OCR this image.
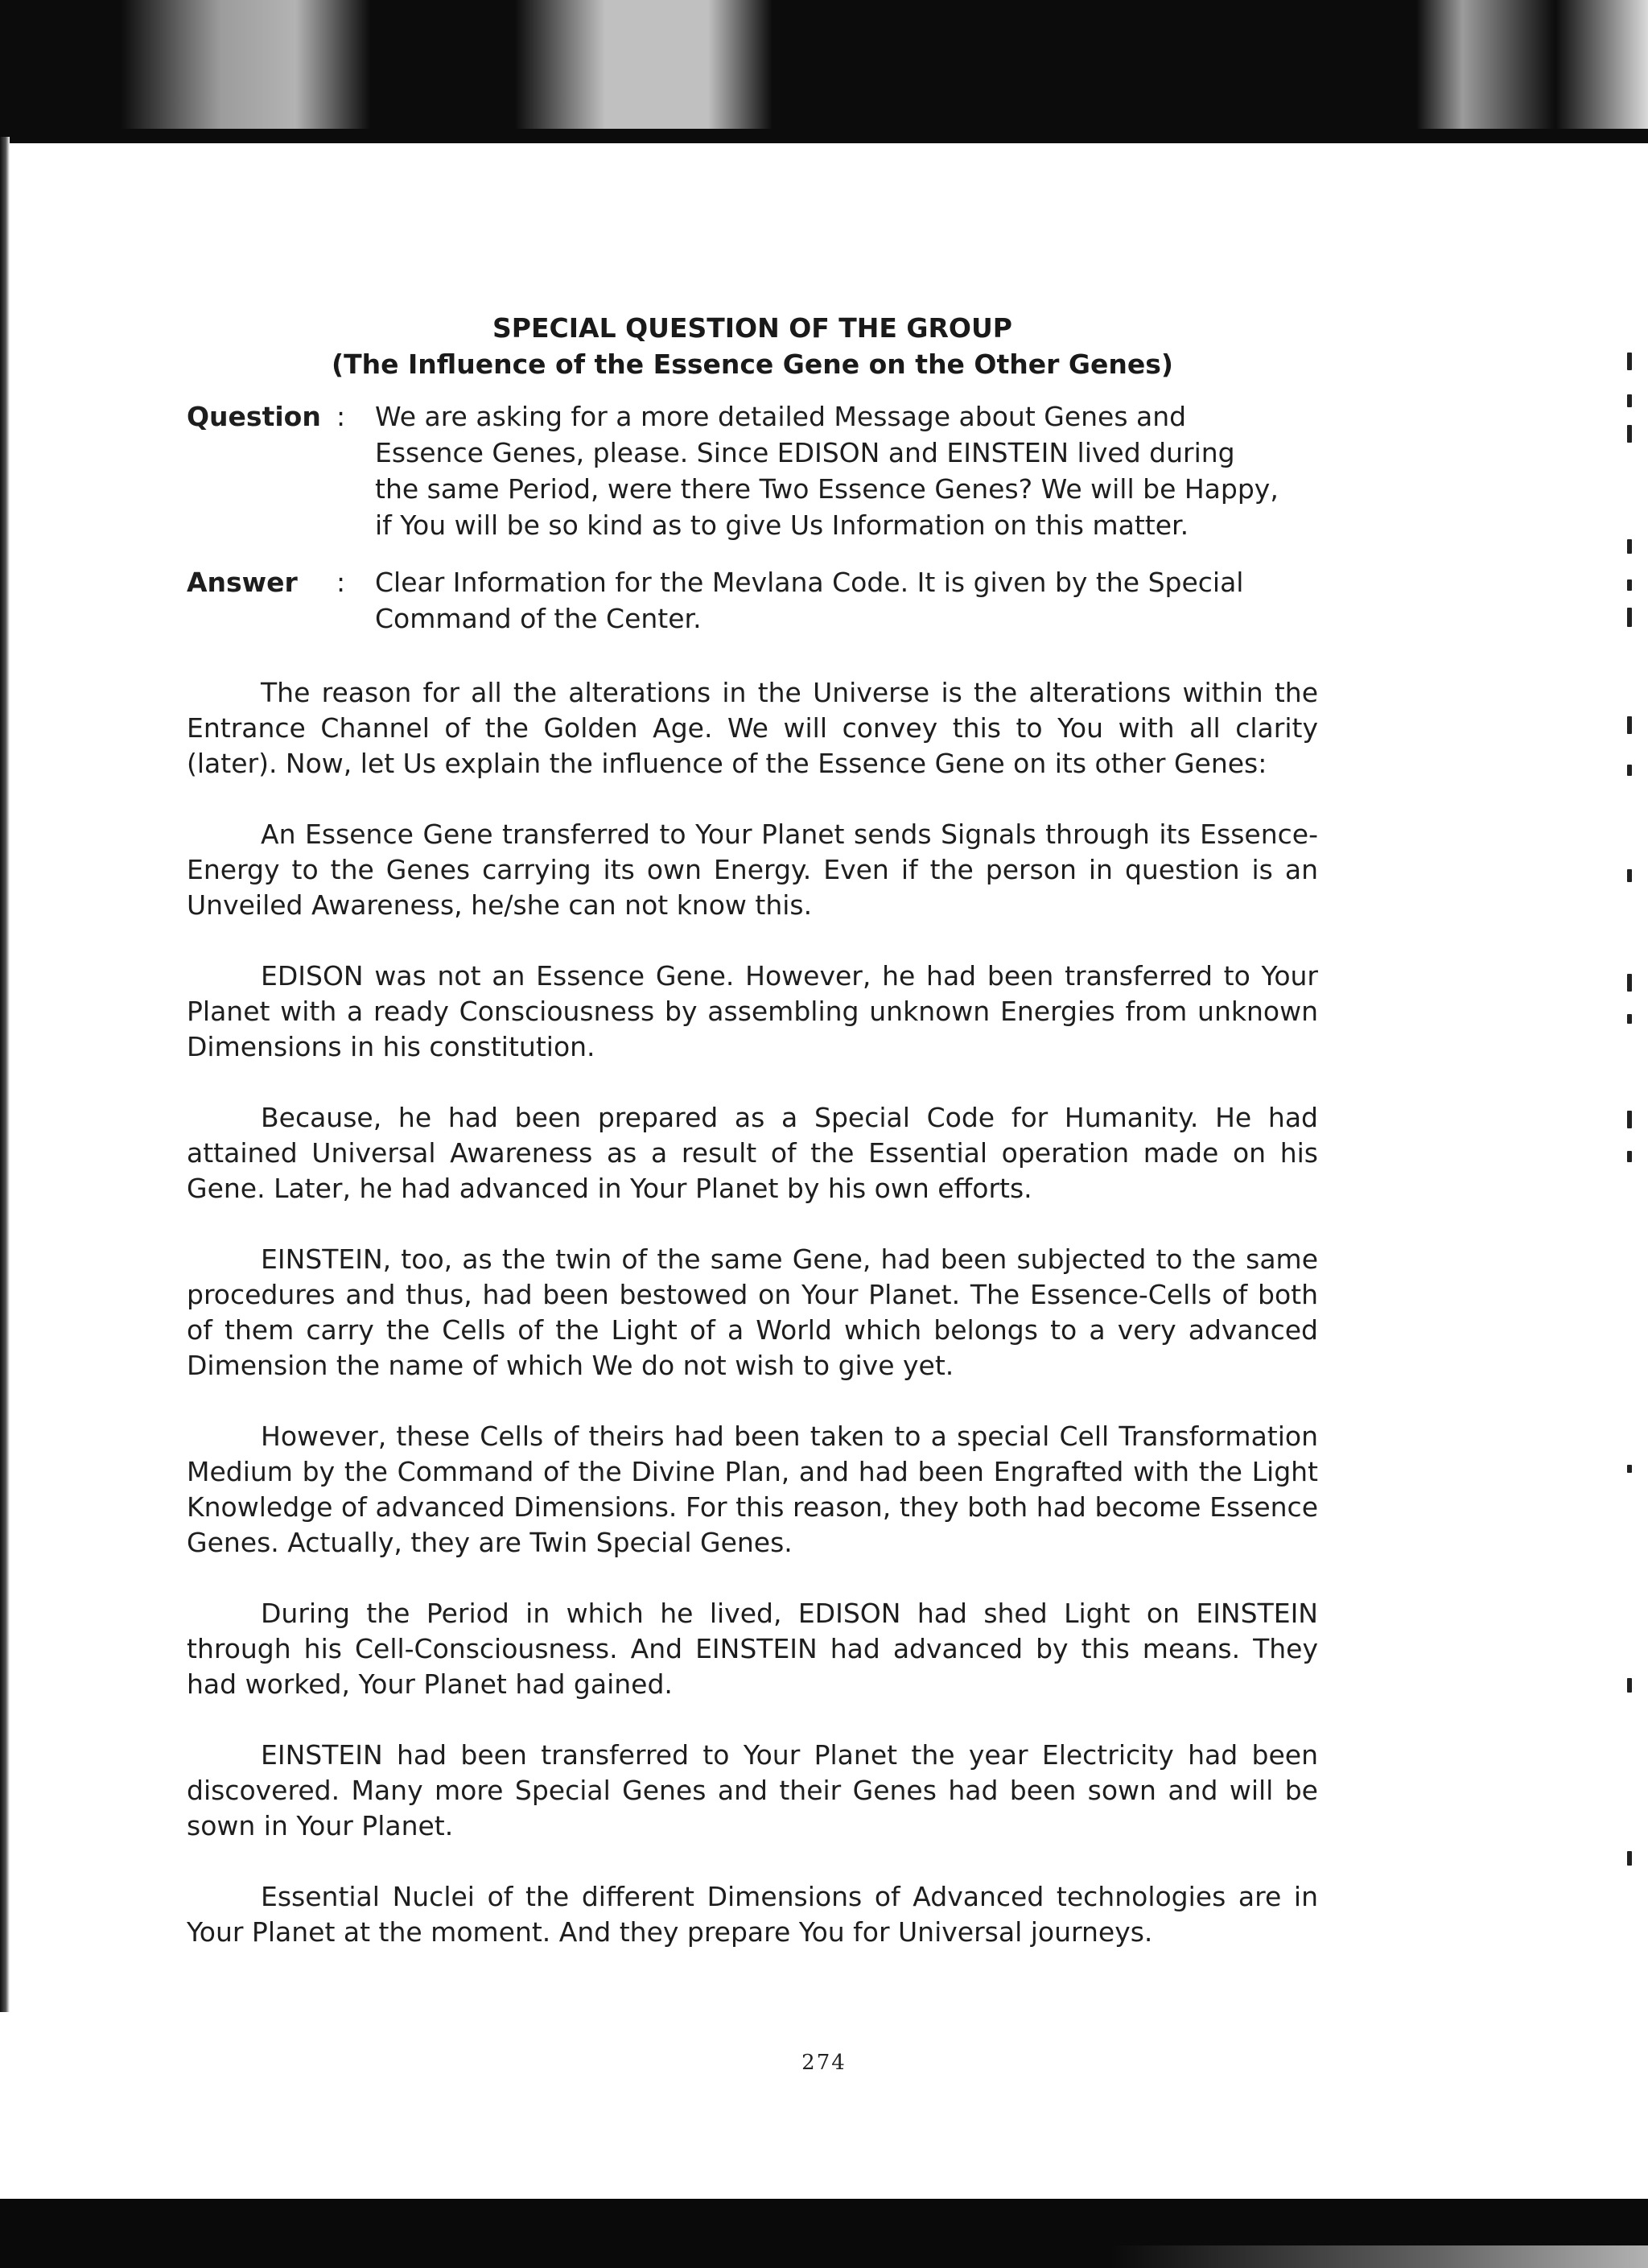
SPECIAL QUESTION OF THE GROUP
(The Influence of the Essence Gene on the Other Genes)
Question :	We are asking for a more detailed Message about Genes and Essence Genes, please. Since EDISON and EINSTEIN lived during the same Period, were there Two Essence Genes? We will be Happy, if You will be so kind as to give Us Information on this matter.
Answer :	Clear Information for the Mevlana Code. It is given by the Special Command of the Center.

The reason for all the alterations in the Universe is the alterations within the Entrance Channel of the Golden Age. We will convey this to You with all clarity (later). Now, let Us explain the influence of the Essence Gene on its other Genes:

An Essence Gene transferred to Your Planet sends Signals through its Essence-Energy to the Genes carrying its own Energy. Even if the person in question is an Unveiled Awareness, he/she can not know this.

EDISON was not an Essence Gene. However, he had been transferred to Your Planet with a ready Consciousness by assembling unknown Energies from unknown Dimensions in his constitution.

Because, he had been prepared as a Special Code for Humanity. He had attained Universal Awareness as a result of the Essential operation made on his Gene. Later, he had advanced in Your Planet by his own efforts.

EINSTEIN, too, as the twin of the same Gene, had been subjected to the same procedures and thus, had been bestowed on Your Planet. The Essence-Cells of both of them carry the Cells of the Light of a World which belongs to a very advanced Dimension the name of which We do not wish to give yet.

However, these Cells of theirs had been taken to a special Cell Transformation Medium by the Command of the Divine Plan, and had been Engrafted with the Light Knowledge of advanced Dimensions. For this reason, they both had become Essence Genes. Actually, they are Twin Special Genes.

During the Period in which he lived, EDISON had shed Light on EINSTEIN through his Cell-Consciousness. And EINSTEIN had advanced by this means. They had worked, Your Planet had gained.

EINSTEIN had been transferred to Your Planet the year Electricity had been discovered. Many more Special Genes and their Genes had been sown and will be sown in Your Planet.

Essential Nuclei of the different Dimensions of Advanced technologies are in Your Planet at the moment. And they prepare You for Universal journeys.

274
